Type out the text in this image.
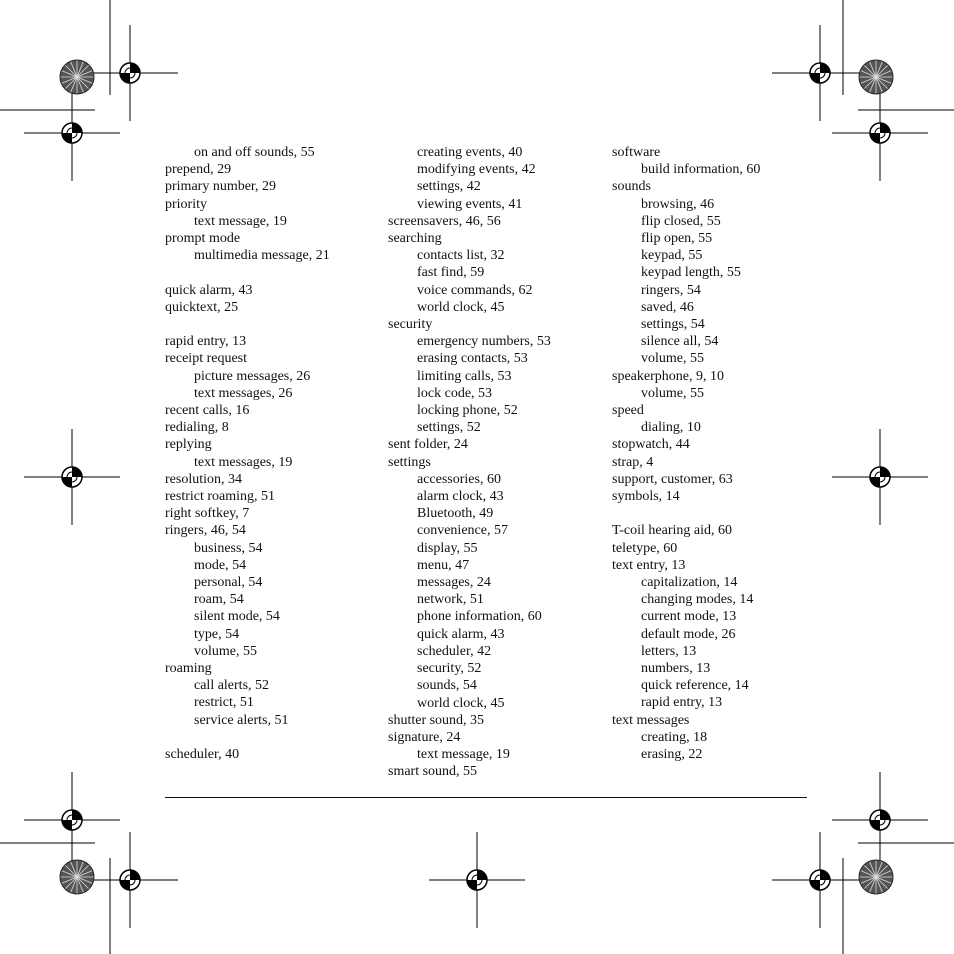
on and off sounds, 55
prepend, 29
primary number, 29
priority
text message, 19
prompt mode
multimedia message, 21
quick alarm, 43
quicktext, 25
rapid entry, 13
receipt request
picture messages, 26
text messages, 26
recent calls, 16
redialing, 8
replying
text messages, 19
resolution, 34
restrict roaming, 51
right softkey, 7
ringers, 46, 54
business, 54
mode, 54
personal, 54
roam, 54
silent mode, 54
type, 54
volume, 55
roaming
call alerts, 52
restrict, 51
service alerts, 51
scheduler, 40
creating events, 40
modifying events, 42
settings, 42
viewing events, 41
screensavers, 46, 56
searching
contacts list, 32
fast find, 59
voice commands, 62
world clock, 45
security
emergency numbers, 53
erasing contacts, 53
limiting calls, 53
lock code, 53
locking phone, 52
settings, 52
sent folder, 24
settings
accessories, 60
alarm clock, 43
Bluetooth, 49
convenience, 57
display, 55
menu, 47
messages, 24
network, 51
phone information, 60
quick alarm, 43
scheduler, 42
security, 52
sounds, 54
world clock, 45
shutter sound, 35
signature, 24
text message, 19
smart sound, 55
software
build information, 60
sounds
browsing, 46
flip closed, 55
flip open, 55
keypad, 55
keypad length, 55
ringers, 54
saved, 46
settings, 54
silence all, 54
volume, 55
speakerphone, 9, 10
volume, 55
speed
dialing, 10
stopwatch, 44
strap, 4
support, customer, 63
symbols, 14
T-coil hearing aid, 60
teletype, 60
text entry, 13
capitalization, 14
changing modes, 14
current mode, 13
default mode, 26
letters, 13
numbers, 13
quick reference, 14
rapid entry, 13
text messages
creating, 18
erasing, 22
